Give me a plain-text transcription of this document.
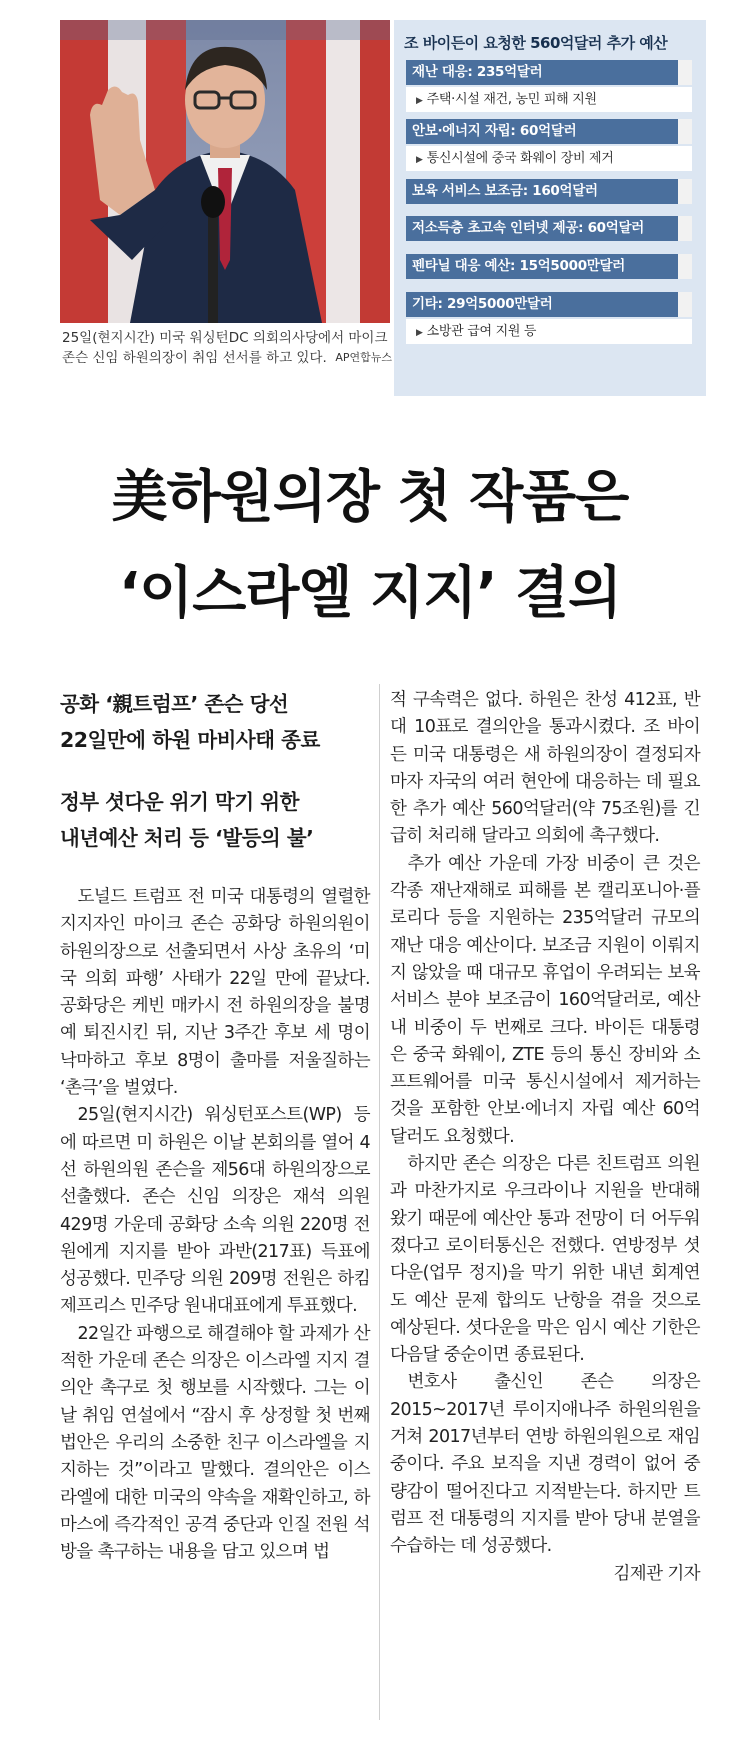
25일(현지시간) 미국 워싱턴DC 의회의사당에서 마이크 존슨 신임 하원의장이 취임 선서를 하고 있다. AP연합뉴스
조 바이든이 요청한 560억달러 추가 예산
재난 대응: 235억달러
▶ 주택·시설 재건, 농민 피해 지원
안보·에너지 자립: 60억달러
▶ 통신시설에 중국 화웨이 장비 제거
보육 서비스 보조금: 160억달러
저소득층 초고속 인터넷 제공: 60억달러
펜타닐 대응 예산: 15억5000만달러
기타: 29억5000만달러
▶ 소방관 급여 지원 등
美하원의장 첫 작품은
‘이스라엘 지지’ 결의
공화 ‘親트럼프’ 존슨 당선
22일만에 하원 마비사태 종료
정부 셧다운 위기 막기 위한
내년예산 처리 등 ‘발등의 불’

도널드 트럼프 전 미국 대통령의 열렬한 지지자인 마이크 존슨 공화당 하원의원이 하원의장으로 선출되면서 사상 초유의 ‘미국 의회 파행’ 사태가 22일 만에 끝났다. 공화당은 케빈 매카시 전 하원의장을 불명예 퇴진시킨 뒤, 지난 3주간 후보 세 명이 낙마하고 후보 8명이 출마를 저울질하는 ‘촌극’을 벌였다.

25일(현지시간) 워싱턴포스트(WP) 등에 따르면 미 하원은 이날 본회의를 열어 4선 하원의원 존슨을 제56대 하원의장으로 선출했다. 존슨 신임 의장은 재석 의원 429명 가운데 공화당 소속 의원 220명 전원에게 지지를 받아 과반(217표) 득표에 성공했다. 민주당 의원 209명 전원은 하킴 제프리스 민주당 원내대표에게 투표했다.

22일간 파행으로 해결해야 할 과제가 산적한 가운데 존슨 의장은 이스라엘 지지 결의안 촉구로 첫 행보를 시작했다. 그는 이날 취임 연설에서 “잠시 후 상정할 첫 번째 법안은 우리의 소중한 친구 이스라엘을 지지하는 것”이라고 말했다. 결의안은 이스라엘에 대한 미국의 약속을 재확인하고, 하마스에 즉각적인 공격 중단과 인질 전원 석방을 촉구하는 내용을 담고 있으며 법

적 구속력은 없다. 하원은 찬성 412표, 반대 10표로 결의안을 통과시켰다. 조 바이든 미국 대통령은 새 하원의장이 결정되자마자 자국의 여러 현안에 대응하는 데 필요한 추가 예산 560억달러(약 75조원)를 긴급히 처리해 달라고 의회에 촉구했다.

추가 예산 가운데 가장 비중이 큰 것은 각종 재난재해로 피해를 본 캘리포니아·플로리다 등을 지원하는 235억달러 규모의 재난 대응 예산이다. 보조금 지원이 이뤄지지 않았을 때 대규모 휴업이 우려되는 보육 서비스 분야 보조금이 160억달러로, 예산 내 비중이 두 번째로 크다. 바이든 대통령은 중국 화웨이, ZTE 등의 통신 장비와 소프트웨어를 미국 통신시설에서 제거하는 것을 포함한 안보·에너지 자립 예산 60억달러도 요청했다.

하지만 존슨 의장은 다른 친트럼프 의원과 마찬가지로 우크라이나 지원을 반대해왔기 때문에 예산안 통과 전망이 더 어두워졌다고 로이터통신은 전했다. 연방정부 셧다운(업무 정지)을 막기 위한 내년 회계연도 예산 문제 합의도 난항을 겪을 것으로 예상된다. 셧다운을 막은 임시 예산 기한은 다음달 중순이면 종료된다.

변호사 출신인 존슨 의장은 2015~2017년 루이지애나주 하원의원을 거쳐 2017년부터 연방 하원의원으로 재임 중이다. 주요 보직을 지낸 경력이 없어 중량감이 떨어진다고 지적받는다. 하지만 트럼프 전 대통령의 지지를 받아 당내 분열을 수습하는 데 성공했다.

김제관 기자
